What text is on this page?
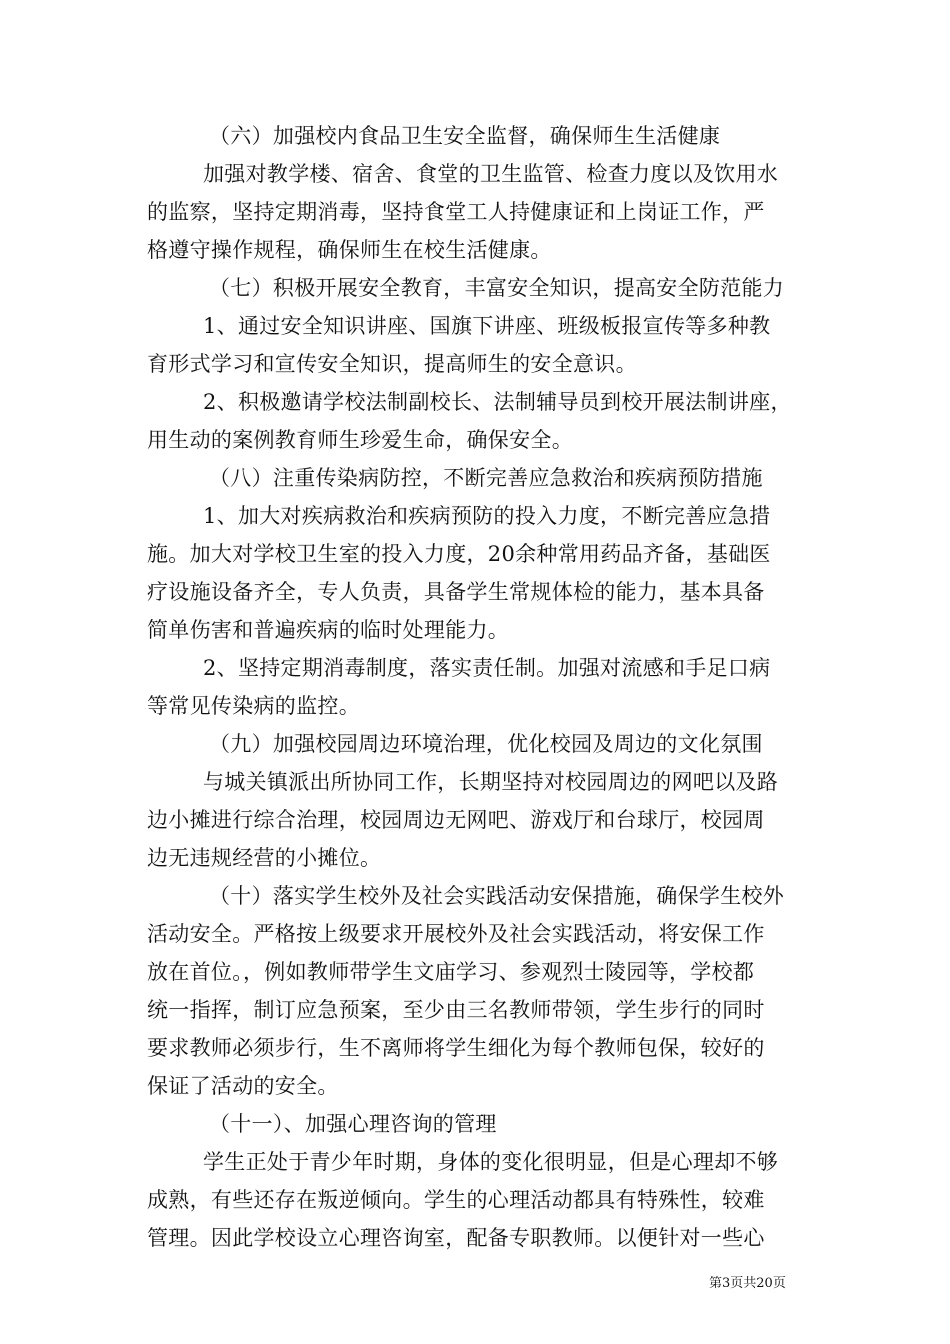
（六）加强校内食品卫生安全监督，确保师生生活健康
加强对教学楼、宿舍、食堂的卫生监管、检查力度以及饮用水
的监察，坚持定期消毒，坚持食堂工人持健康证和上岗证工作，严
格遵守操作规程，确保师生在校生活健康。
（七）积极开展安全教育，丰富安全知识，提高安全防范能力
1、通过安全知识讲座、国旗下讲座、班级板报宣传等多种教
育形式学习和宣传安全知识，提高师生的安全意识。
2、积极邀请学校法制副校长、法制辅导员到校开展法制讲座，
用生动的案例教育师生珍爱生命，确保安全。
（八）注重传染病防控，不断完善应急救治和疾病预防措施
1、加大对疾病救治和疾病预防的投入力度，不断完善应急措
施。加大对学校卫生室的投入力度，20余种常用药品齐备，基础医
疗设施设备齐全，专人负责，具备学生常规体检的能力，基本具备
简单伤害和普遍疾病的临时处理能力。
2、坚持定期消毒制度，落实责任制。加强对流感和手足口病
等常见传染病的监控。
（九）加强校园周边环境治理，优化校园及周边的文化氛围
与城关镇派出所协同工作，长期坚持对校园周边的网吧以及路
边小摊进行综合治理，校园周边无网吧、游戏厅和台球厅，校园周
边无违规经营的小摊位。
（十）落实学生校外及社会实践活动安保措施，确保学生校外
活动安全。严格按上级要求开展校外及社会实践活动，将安保工作
放在首位。，例如教师带学生文庙学习、参观烈士陵园等，学校都
统一指挥，制订应急预案，至少由三名教师带领，学生步行的同时
要求教师必须步行，生不离师将学生细化为每个教师包保，较好的
保证了活动的安全。
（十一）、加强心理咨询的管理
学生正处于青少年时期，身体的变化很明显，但是心理却不够
成熟，有些还存在叛逆倾向。学生的心理活动都具有特殊性，较难
管理。因此学校设立心理咨询室，配备专职教师。以便针对一些心
第3页共20页
